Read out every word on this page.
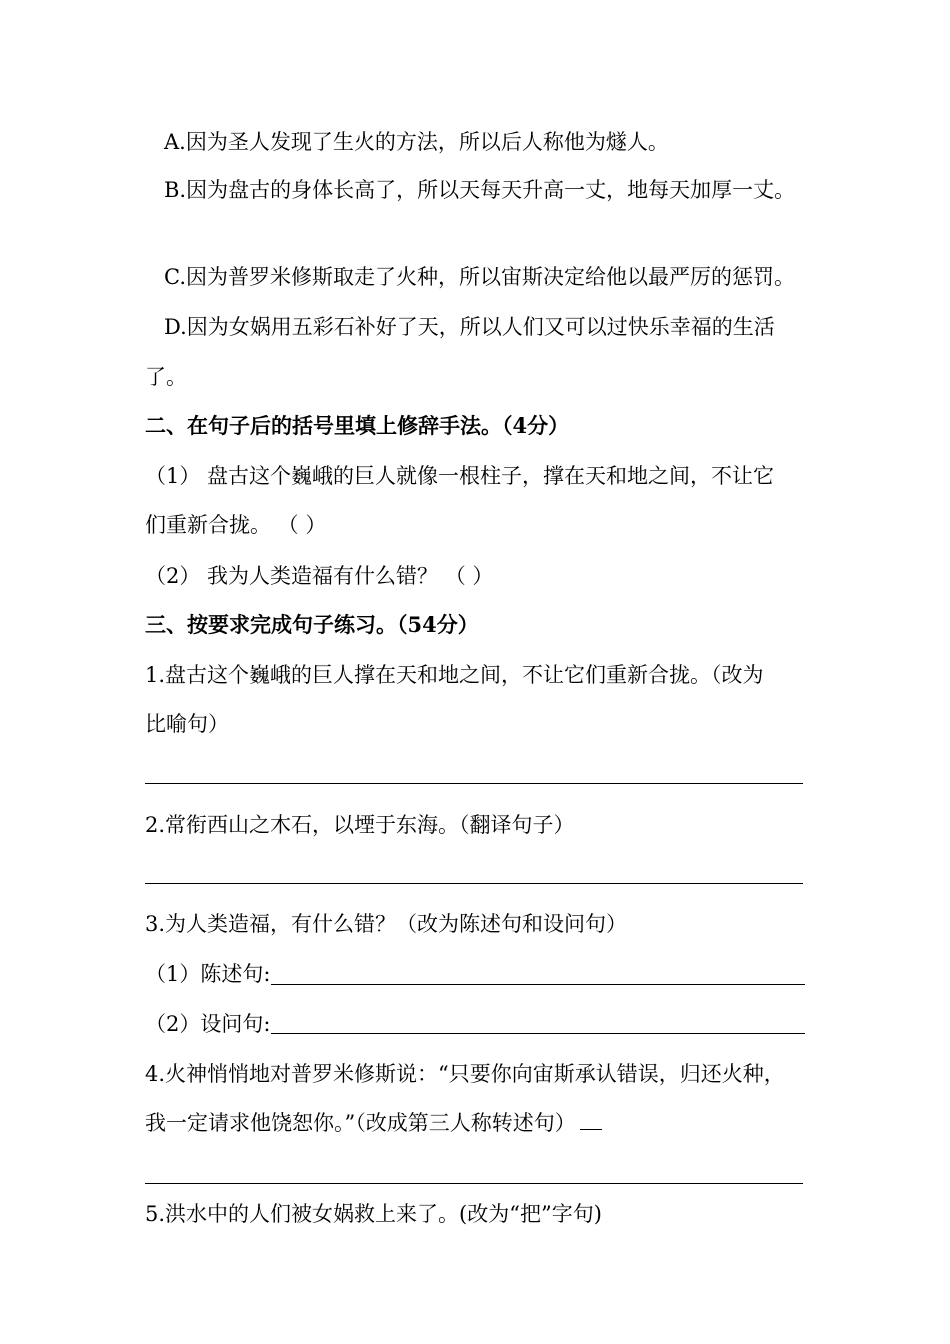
A.因为圣人发现了生火的方法，所以后人称他为燧人。
B.因为盘古的身体长高了，所以天每天升高一丈，地每天加厚一丈。
C.因为普罗米修斯取走了火种，所以宙斯决定给他以最严厉的惩罚。
D.因为女娲用五彩石补好了天，所以人们又可以过快乐幸福的生活
了。
二、在句子后的括号里填上修辞手法。（4分）
（1） 盘古这个巍峨的巨人就像一根柱子，撑在天和地之间，不让它
们重新合拢。 （ ）
（2） 我为人类造福有什么错？ （ ）
三、按要求完成句子练习。（54分）
1.盘古这个巍峨的巨人撑在天和地之间，不让它们重新合拢。（改为
比喻句）
2.常衔西山之木石，以堙于东海。（翻译句子）
3.为人类造福，有什么错？（改为陈述句和设问句）
（1）陈述句:
（2）设问句:
4.火神悄悄地对普罗米修斯说：“只要你向宙斯承认错误，归还火种，
我一定请求他饶恕你。”（改成第三人称转述句）
5.洪水中的人们被女娲救上来了。(改为“把”字句)
